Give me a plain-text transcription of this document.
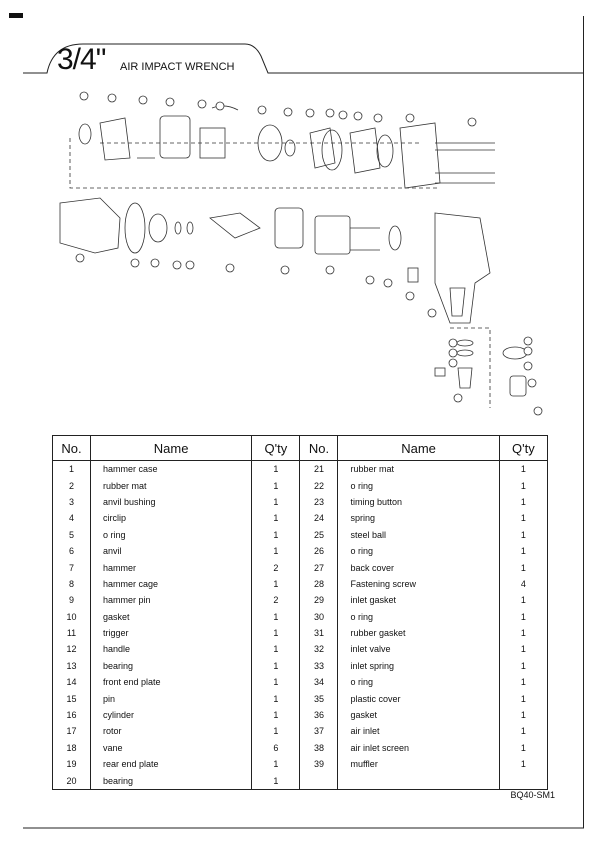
3/4" AIR IMPACT WRENCH
No.	Name	Q'ty	No.	Name	Q'ty
1	hammer case	1	21	rubber mat	1
2	rubber mat	1	22	o ring	1
3	anvil bushing	1	23	timing button	1
4	circlip	1	24	spring	1
5	o ring	1	25	steel ball	1
6	anvil	1	26	o ring	1
7	hammer	2	27	back cover	1
8	hammer cage	1	28	Fastening screw	4
9	hammer pin	2	29	inlet gasket	1
10	gasket	1	30	o ring	1
11	trigger	1	31	rubber gasket	1
12	handle	1	32	inlet valve	1
13	bearing	1	33	inlet spring	1
14	front end plate	1	34	o ring	1
15	pin	1	35	plastic cover	1
16	cylinder	1	36	gasket	1
17	rotor	1	37	air inlet	1
18	vane	6	38	air inlet screen	1
19	rear end plate	1	39	muffler	1
20	bearing	1			
BQ40-SM1
